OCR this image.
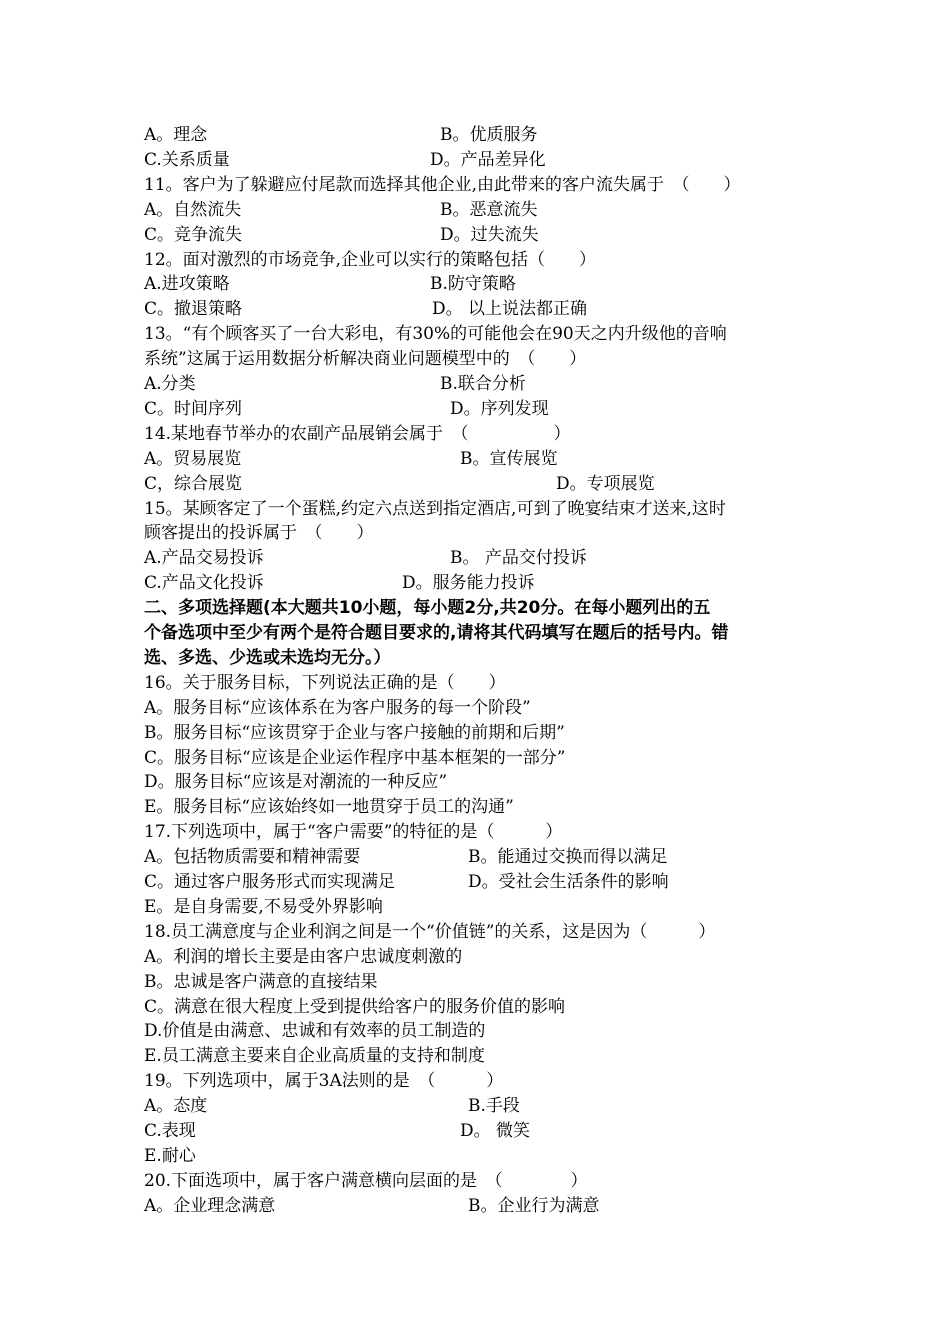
A。理念	B。优质服务

C.关系质量	D。产品差异化

11。客户为了躲避应付尾款而选择其他企业,由此带来的客户流失属于　（　　）

A。自然流失	B。恶意流失

C。竞争流失	D。过失流失

12。面对激烈的市场竞争,企业可以实行的策略包括（　　）

A.进攻策略	B.防守策略

C。撤退策略	D。 以上说法都正确

13。“有个顾客买了一台大彩电，有30%的可能他会在90天之内升级他的音响

系统”这属于运用数据分析解决商业问题模型中的　（　　）

A.分类	B.联合分析

C。时间序列	D。序列发现

14.某地春节举办的农副产品展销会属于　（　　　　　）

A。贸易展览	B。宣传展览

C，综合展览	D。专项展览

15。某顾客定了一个蛋糕,约定六点送到指定酒店,可到了晚宴结束才送来,这时

顾客提出的投诉属于　（　　）

A.产品交易投诉	B。 产品交付投诉

C.产品文化投诉	D。服务能力投诉

二、多项选择题(本大题共10小题，每小题2分,共20分。在每小题列出的五

个备选项中至少有两个是符合题目要求的,请将其代码填写在题后的括号内。错

选、多选、少选或未选均无分。）

16。关于服务目标，下列说法正确的是（　　）

A。服务目标“应该体系在为客户服务的每一个阶段”

B。服务目标“应该贯穿于企业与客户接触的前期和后期”

C。服务目标“应该是企业运作程序中基本框架的一部分”

D。服务目标“应该是对潮流的一种反应”

E。服务目标“应该始终如一地贯穿于员工的沟通”

17.下列选项中，属于“客户需要”的特征的是（　　　）

A。包括物质需要和精神需要	B。能通过交换而得以满足

C。通过客户服务形式而实现满足	D。受社会生活条件的影响

E。是自身需要,不易受外界影响

18.员工满意度与企业利润之间是一个“价值链”的关系，这是因为（　　　）

A。利润的增长主要是由客户忠诚度刺激的

B。忠诚是客户满意的直接结果

C。满意在很大程度上受到提供给客户的服务价值的影响

D.价值是由满意、忠诚和有效率的员工制造的

E.员工满意主要来自企业高质量的支持和制度

19。下列选项中，属于3A法则的是　（　　　）

A。态度	B.手段

C.表现	D。 微笑

E.耐心

20.下面选项中，属于客户满意横向层面的是　（　　　　）

A。企业理念满意	B。企业行为满意
